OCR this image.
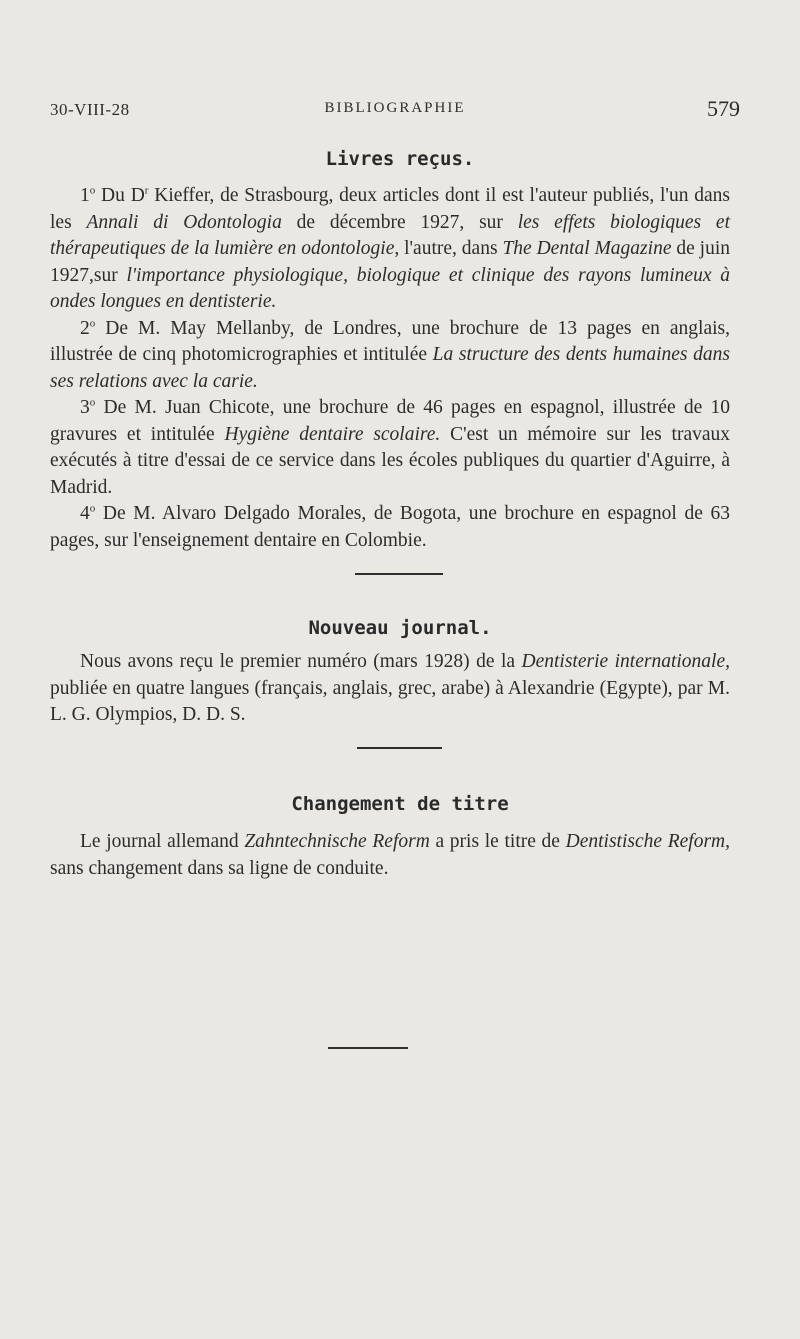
30-VIII-28	BIBLIOGRAPHIE	579
Livres reçus.

1$^o$ Du $D^r$ Kieffer, de Strasbourg, deux articles dont il est l'auteur publiés, l'un dans les Annali di Odontologia de décembre 1927, sur les effets biologiques et thérapeutiques de la lumière en odontologie, l'autre, dans The Dental Magazine de juin 1927,sur l'importance physiologique, biologique et clinique des rayons lumineux à ondes longues en dentisterie.

2$^o$ De M. May Mellanby, de Londres, une brochure de 13 pages en anglais, illustrée de cinq photomicrographies et intitulée La structure des dents humaines dans ses relations avec la carie.

3$^o$ De M. Juan Chicote, une brochure de 46 pages en espagnol, illustrée de 10 gravures et intitulée Hygiène dentaire scolaire. C'est un mémoire sur les travaux exécutés à titre d'essai de ce service dans les écoles publiques du quartier d'Aguirre, à Madrid.

4$^o$ De M. Alvaro Delgado Morales, de Bogota, une brochure en espagnol de 63 pages, sur l'enseignement dentaire en Colombie.

Nouveau journal.

Nous avons reçu le premier numéro (mars 1928) de la Dentisterie internationale, publiée en quatre langues (français, anglais, grec, arabe) à Alexandrie (Egypte), par M. L. G. Olympios, D. D. S.

Changement de titre

Le journal allemand Zahntechnische Reform a pris le titre de Dentistische Reform, sans changement dans sa ligne de conduite.
